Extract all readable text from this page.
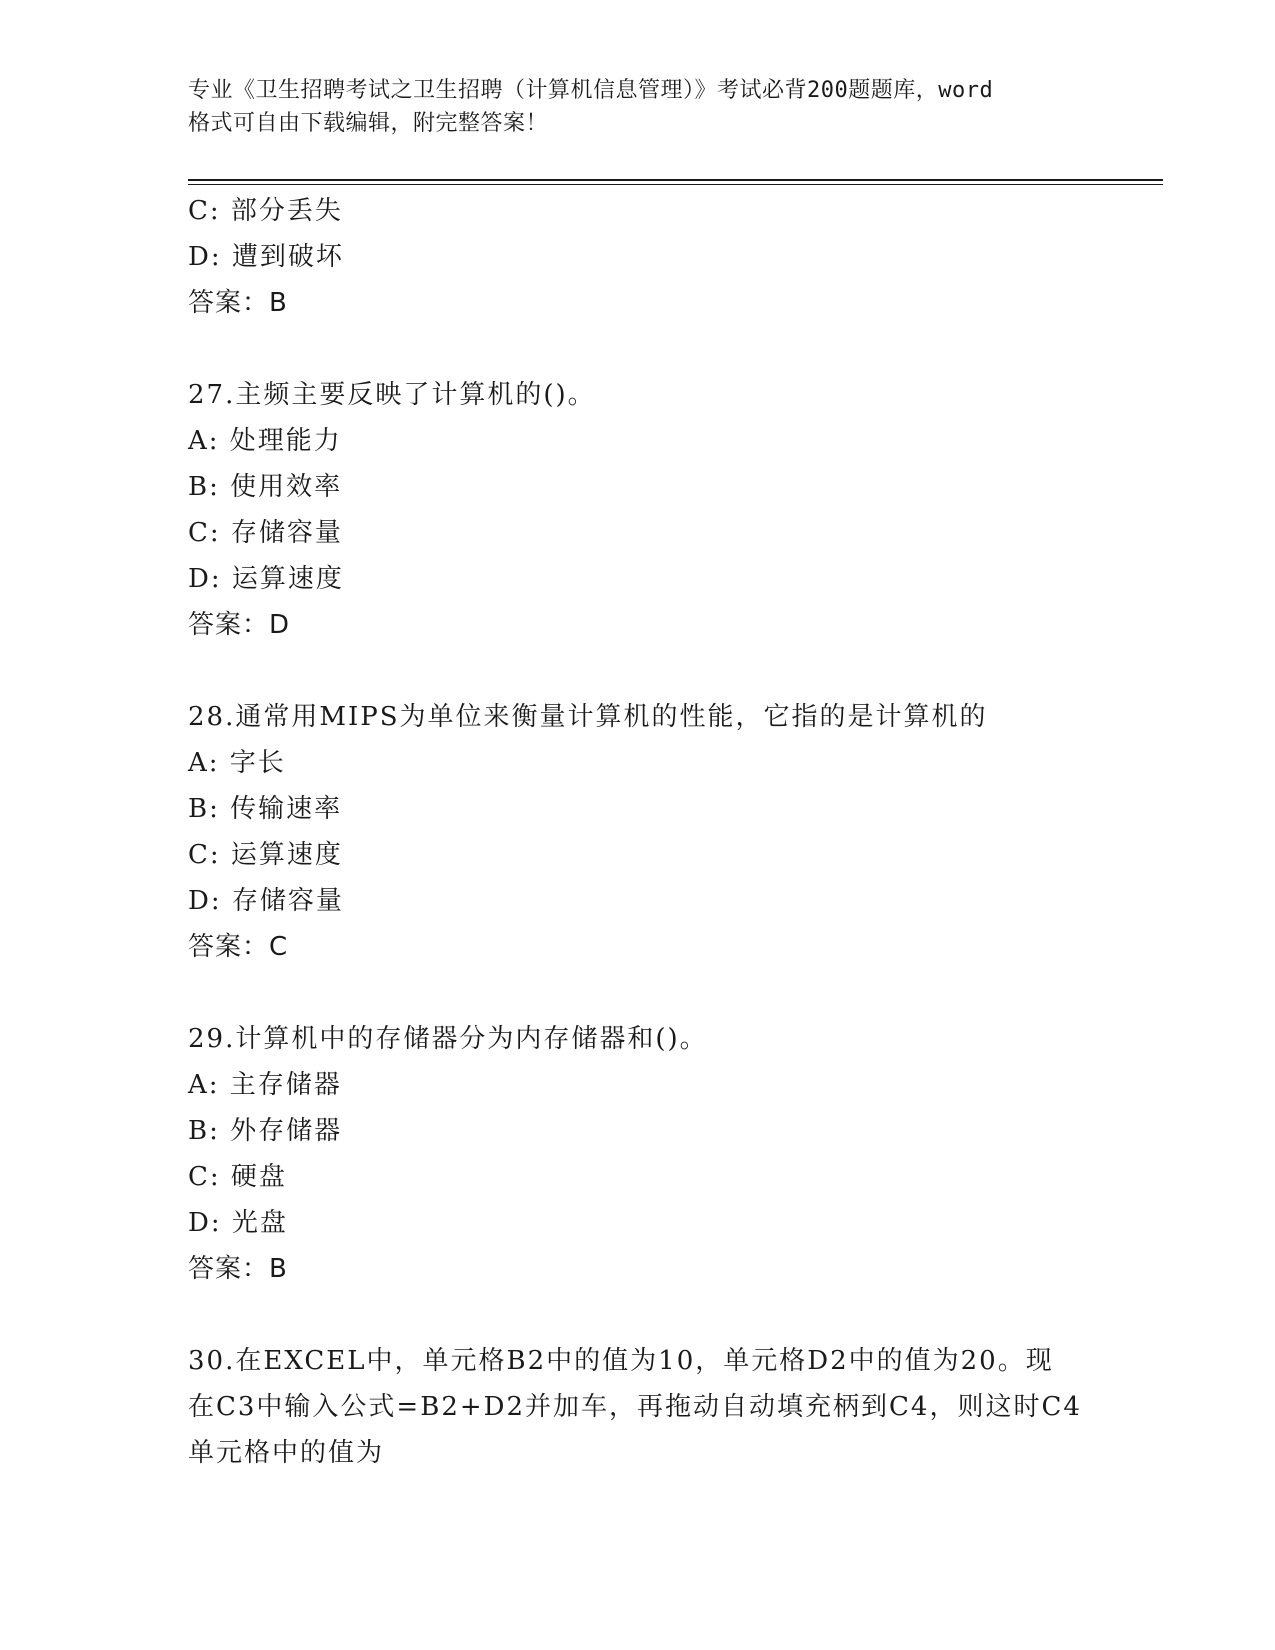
专业《卫生招聘考试之卫生招聘（计算机信息管理）》考试必背200题题库，word
格式可自由下载编辑，附完整答案！
C: 部分丢失
D: 遭到破坏
答案：B
27.主频主要反映了计算机的()。
A: 处理能力
B: 使用效率
C: 存储容量
D: 运算速度
答案：D
28.通常用MIPS为单位来衡量计算机的性能，它指的是计算机的
A: 字长
B: 传输速率
C: 运算速度
D: 存储容量
答案：C
29.计算机中的存储器分为内存储器和()。
A: 主存储器
B: 外存储器
C: 硬盘
D: 光盘
答案：B
30.在EXCEL中，单元格B2中的值为10，单元格D2中的值为20。现
在C3中输入公式=B2+D2并加车，再拖动自动填充柄到C4，则这时C4
单元格中的值为
